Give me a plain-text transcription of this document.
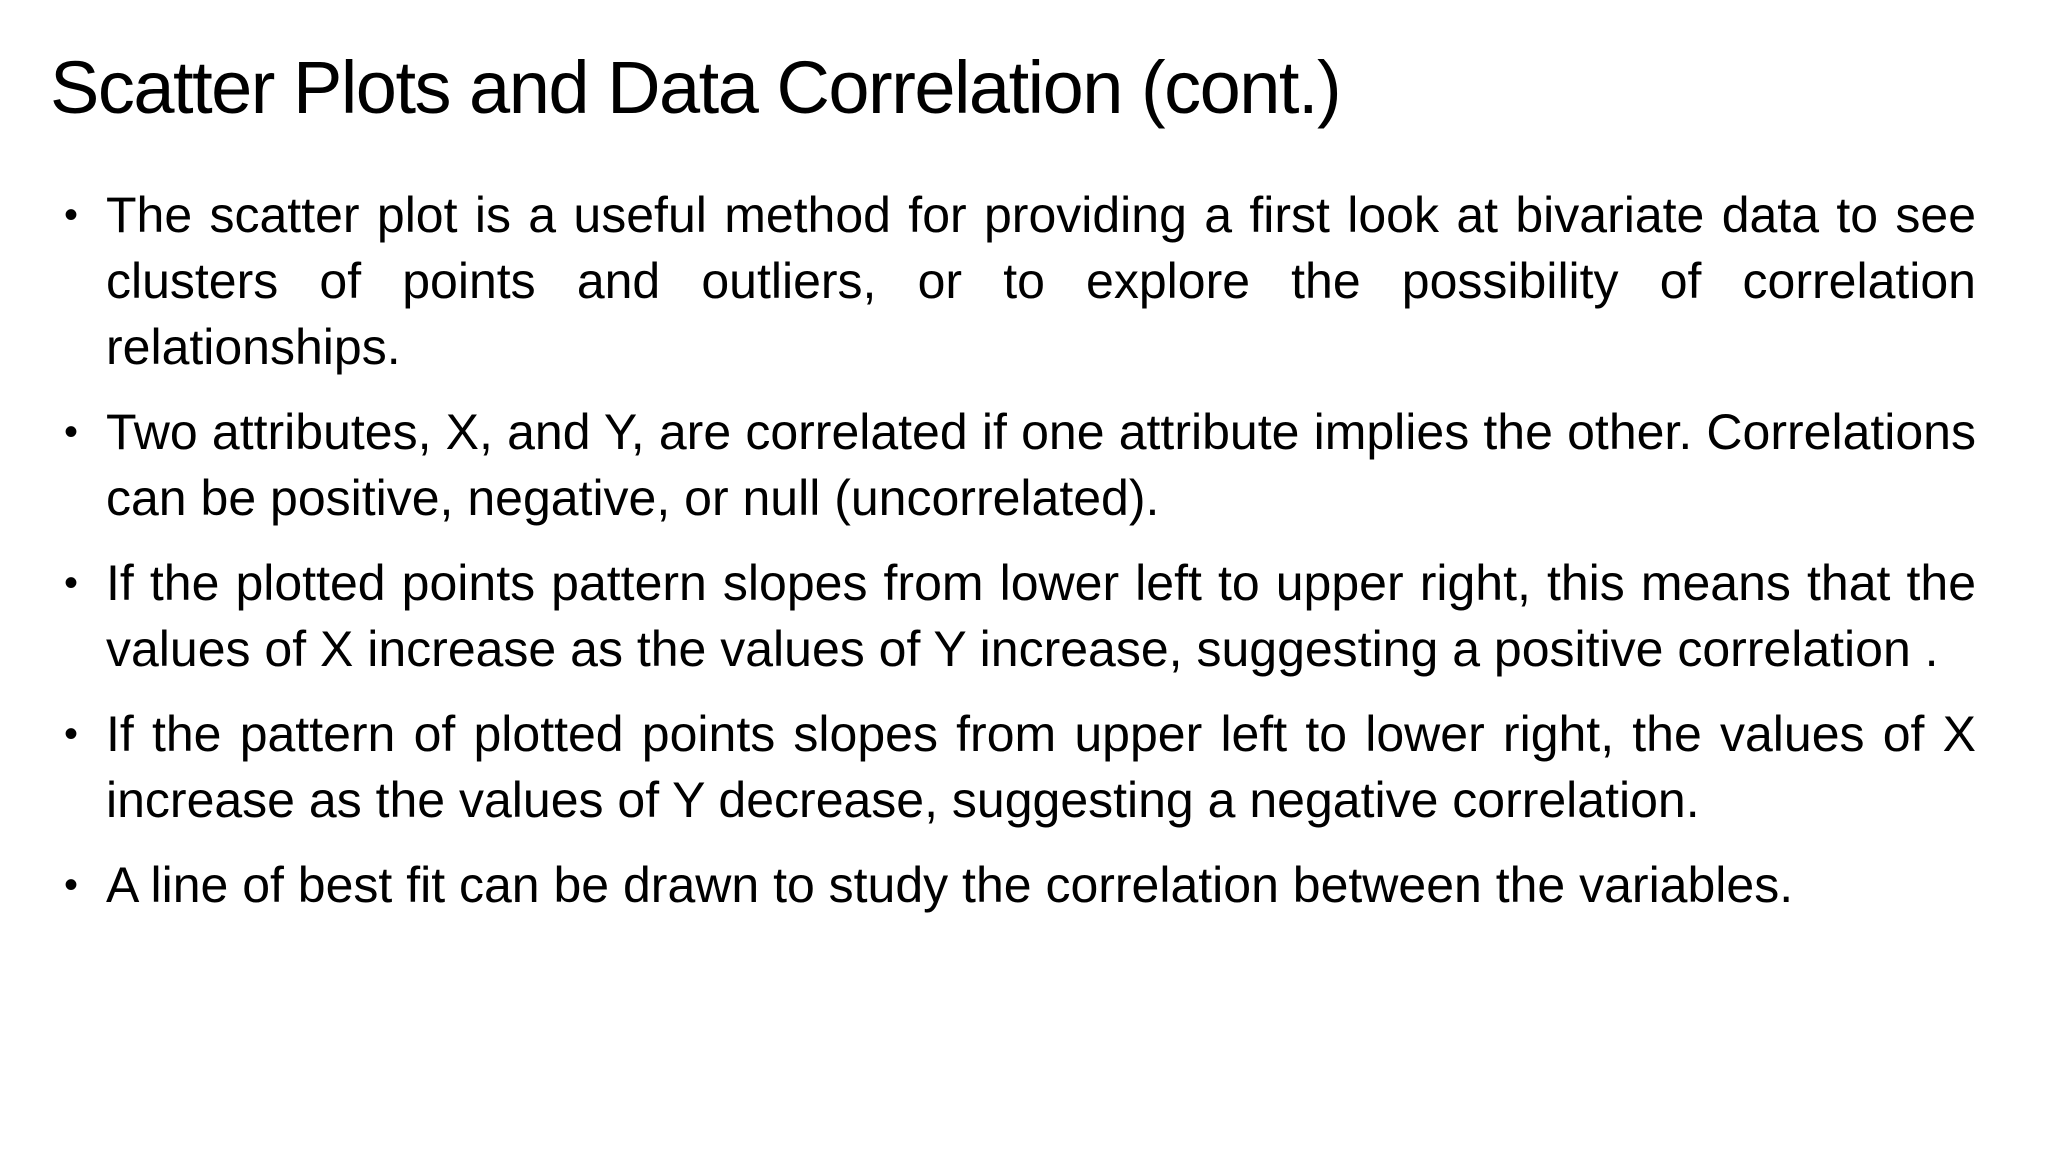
Scatter Plots and Data Correlation (cont.)
• The scatter plot is a useful method for providing a first look at bivariate data to see clusters of points and outliers, or to explore the possibility of correlation relationships.
• Two attributes, X, and Y, are correlated if one attribute implies the other. Correlations can be positive, negative, or null (uncorrelated).
• If the plotted points pattern slopes from lower left to upper right, this means that the values of X increase as the values of Y increase, suggesting a positive correlation .
• If the pattern of plotted points slopes from upper left to lower right, the values of X increase as the values of Y decrease, suggesting a negative correlation.
• A line of best fit can be drawn to study the correlation between the variables.
